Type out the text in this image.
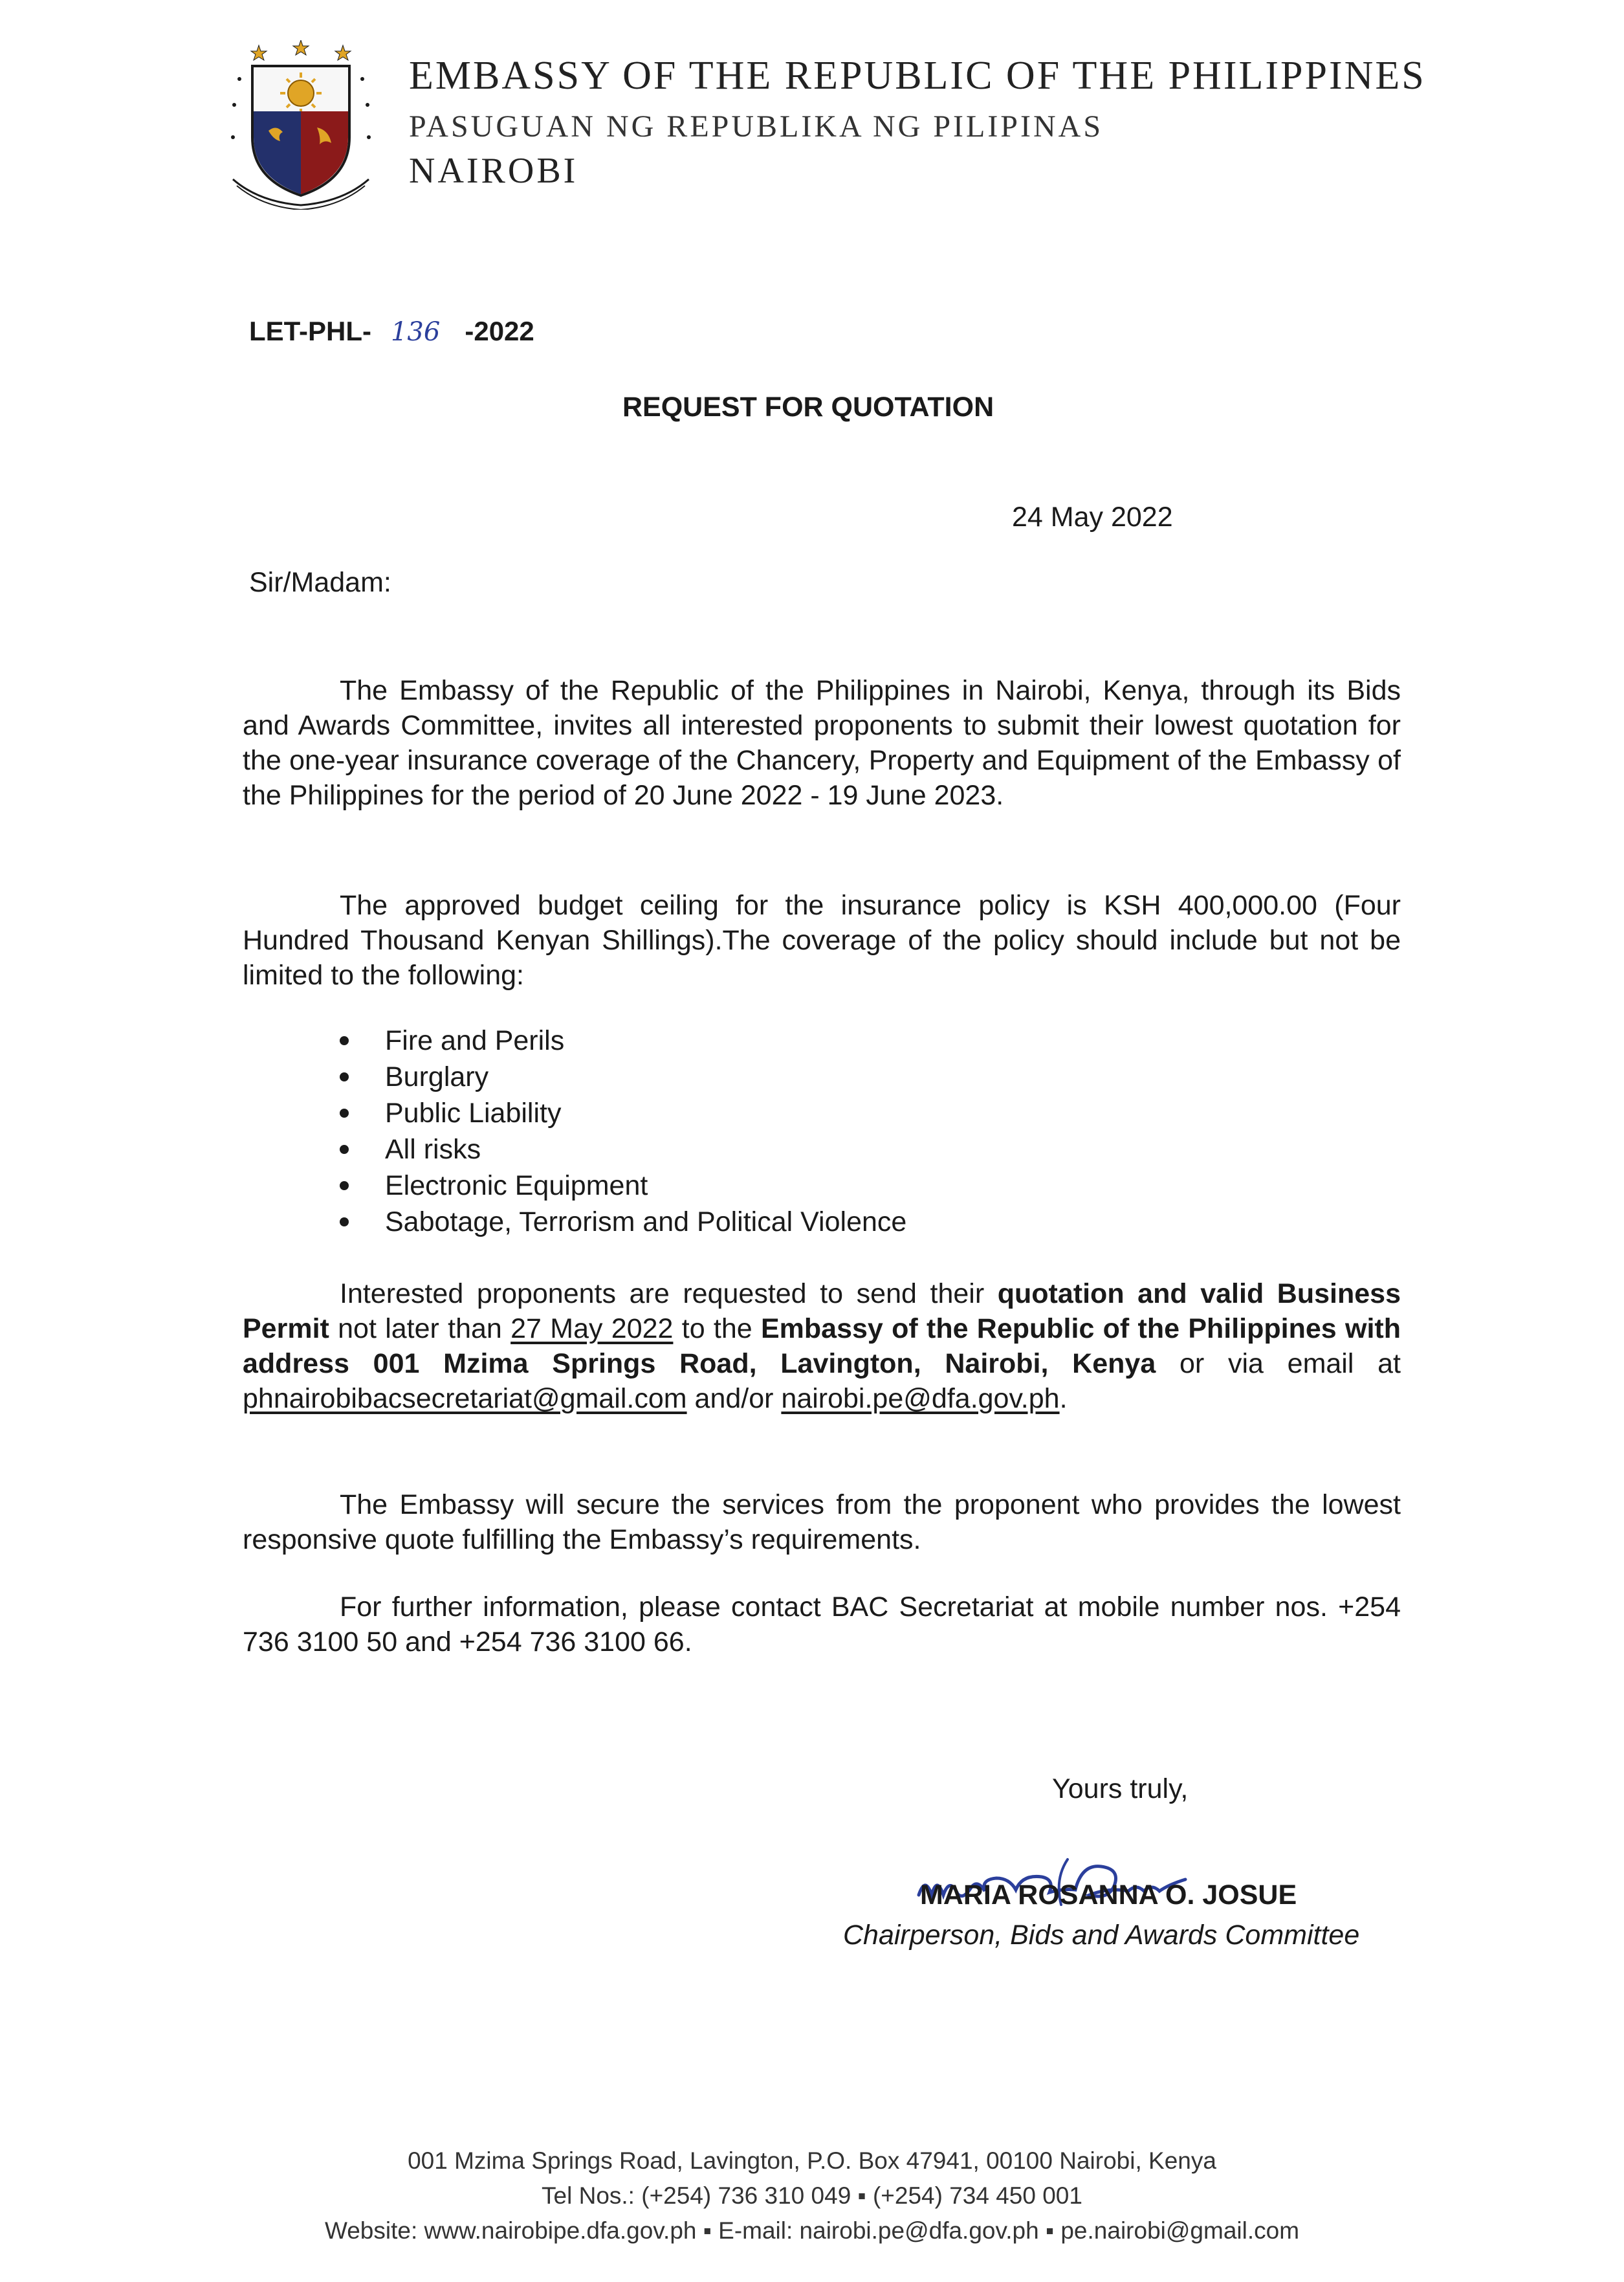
EMBASSY OF THE REPUBLIC OF THE PHILIPPINES
PASUGUAN NG REPUBLIKA NG PILIPINAS
NAIROBI
LET-PHL- 136 -2022
REQUEST FOR QUOTATION
24 May 2022
Sir/Madam:

The Embassy of the Republic of the Philippines in Nairobi, Kenya, through its Bids and Awards Committee, invites all interested proponents to submit their lowest quotation for the one-year insurance coverage of the Chancery, Property and Equipment of the Embassy of the Philippines for the period of 20 June 2022 - 19 June 2023.

The approved budget ceiling for the insurance policy is KSH 400,000.00 (Four Hundred Thousand Kenyan Shillings).The coverage of the policy should include but not be limited to the following:

Fire and Perils
Burglary
Public Liability
All risks
Electronic Equipment
Sabotage, Terrorism and Political Violence

Interested proponents are requested to send their quotation and valid Business Permit not later than 27 May 2022 to the Embassy of the Republic of the Philippines with address 001 Mzima Springs Road, Lavington, Nairobi, Kenya or via email at phnairobibacsecretariat@gmail.com and/or nairobi.pe@dfa.gov.ph.

The Embassy will secure the services from the proponent who provides the lowest responsive quote fulfilling the Embassy’s requirements.

For further information, please contact BAC Secretariat at mobile number nos. +254 736 3100 50 and +254 736 3100 66.

Yours truly,
MARIA ROSANNA O. JOSUE
Chairperson, Bids and Awards Committee
001 Mzima Springs Road, Lavington, P.O. Box 47941, 00100 Nairobi, Kenya
Tel Nos.: (+254) 736 310 049 ▪ (+254) 734 450 001
Website: www.nairobipe.dfa.gov.ph ▪ E-mail: nairobi.pe@dfa.gov.ph ▪ pe.nairobi@gmail.com
